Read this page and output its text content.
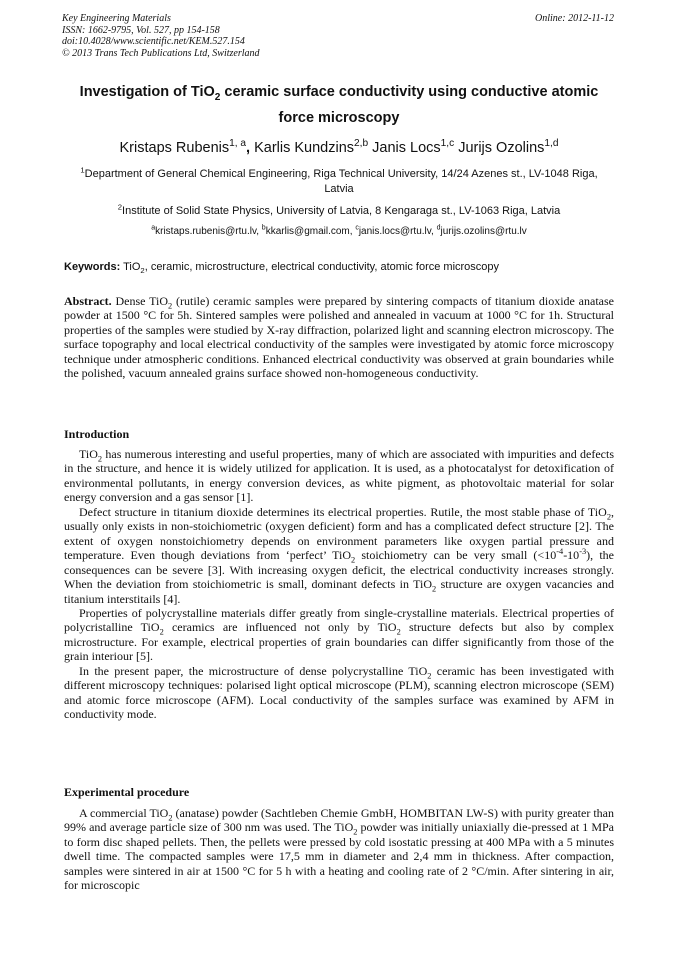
Key Engineering Materials
ISSN: 1662-9795, Vol. 527, pp 154-158
doi:10.4028/www.scientific.net/KEM.527.154
© 2013 Trans Tech Publications Ltd, Switzerland
Online: 2012-11-12
Investigation of TiO$_2$ ceramic surface conductivity using conductive atomic force microscopy
Kristaps Rubenis$^{1, a}$, Karlis Kundzins$^{2,b}$ Janis Locs$^{1,c}$ Jurijs Ozolins$^{1,d}$
$^1$Department of General Chemical Engineering, Riga Technical University, 14/24 Azenes st., LV-1048 Riga, Latvia
$^2$Institute of Solid State Physics, University of Latvia, 8 Kengaraga st., LV-1063 Riga, Latvia
$^a$kristaps.rubenis@rtu.lv, $^b$kkarlis@gmail.com, $^c$janis.locs@rtu.lv, $^d$jurijs.ozolins@rtu.lv
Keywords: TiO$_2$, ceramic, microstructure, electrical conductivity, atomic force microscopy

Abstract. Dense TiO$_2$ (rutile) ceramic samples were prepared by sintering compacts of titanium dioxide anatase powder at 1500 °C for 5h. Sintered samples were polished and annealed in vacuum at 1000 °C for 1h. Structural properties of the samples were studied by X-ray diffraction, polarized light and scanning electron microscopy. The surface topography and local electrical conductivity of the samples were investigated by atomic force microscopy technique under atmospheric conditions. Enhanced electrical conductivity was observed at grain boundaries while the polished, vacuum annealed grains surface showed non-homogeneous conductivity.

Introduction

TiO$_2$ has numerous interesting and useful properties, many of which are associated with impurities and defects in the structure, and hence it is widely utilized for application. It is used, as a photocatalyst for detoxification of environmental pollutants, in energy conversion devices, as white pigment, as photovoltaic material for solar energy conversion and a gas sensor [1].

Defect structure in titanium dioxide determines its electrical properties. Rutile, the most stable phase of TiO$_2$, usually only exists in non-stoichiometric (oxygen deficient) form and has a complicated defect structure [2]. The extent of oxygen nonstoichiometry depends on environment parameters like oxygen partial pressure and temperature. Even though deviations from ‘perfect’ TiO$_2$ stoichiometry can be very small $(<10^{-4}-10^{-3})$, the consequences can be severe [3]. With increasing oxygen deficit, the electrical conductivity increases strongly. When the deviation from stoichiometric is small, dominant defects in TiO$_2$ structure are oxygen vacancies and titanium interstitails [4].

Properties of polycrystalline materials differ greatly from single-crystalline materials. Electrical properties of polycristalline TiO$_2$ ceramics are influenced not only by TiO$_2$ structure defects but also by complex microstructure. For example, electrical properties of grain boundaries can differ significantly from those of the grain interiour [5].

In the present paper, the microstructure of dense polycrystalline TiO$_2$ ceramic has been investigated with different microscopy techniques: polarised light optical microscope (PLM), scanning electron microscope (SEM) and atomic force microscope (AFM). Local conductivity of the samples surface was examined by AFM in conductivity mode.

Experimental procedure

A commercial TiO$_2$ (anatase) powder (Sachtleben Chemie GmbH, HOMBITAN LW-S) with purity greater than 99% and average particle size of 300 nm was used. The TiO$_2$ powder was initially uniaxially die-pressed at 1 MPa to form disc shaped pellets. Then, the pellets were pressed by cold isostatic pressing at 400 MPa with a 5 minutes dwell time. The compacted samples were 17,5 mm in diameter and 2,4 mm in thickness. After compaction, samples were sintered in air at 1500 °C for 5 h with a heating and cooling rate of 2 °C/min. After sintering in air, for microscopic
